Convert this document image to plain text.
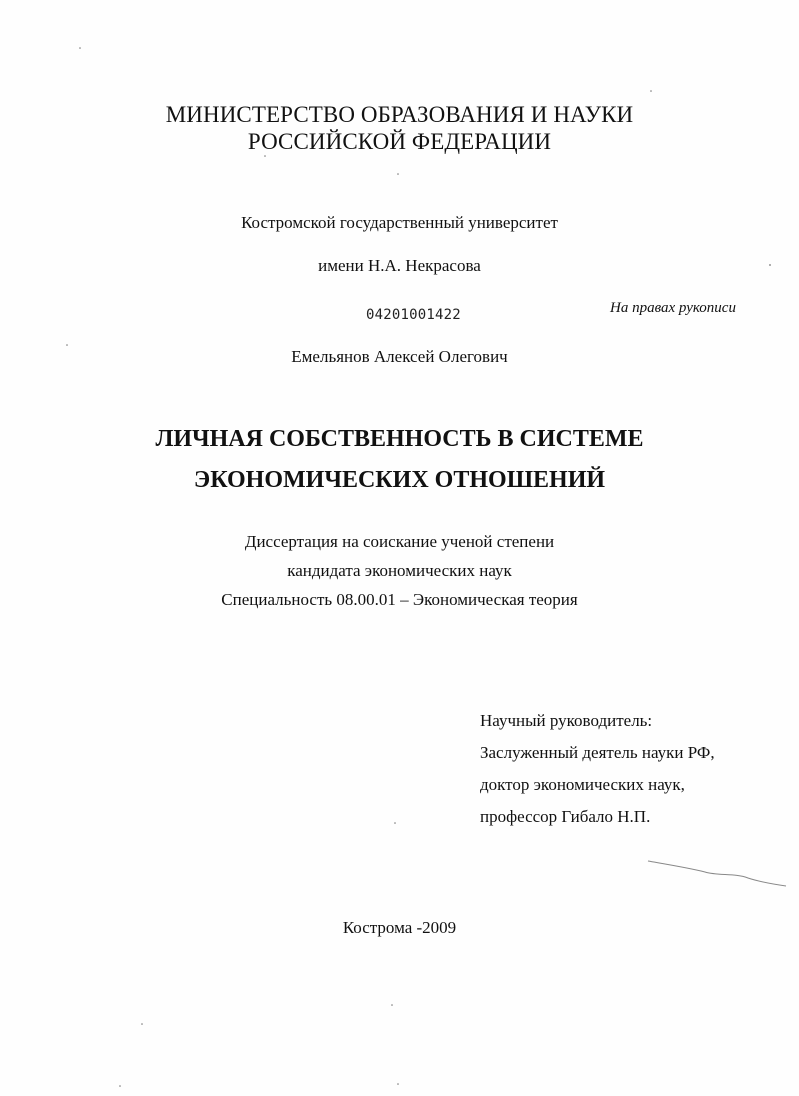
МИНИСТЕРСТВО ОБРАЗОВАНИЯ И НАУКИ
РОССИЙСКОЙ ФЕДЕРАЦИИ
Костромской государственный университет
имени Н.А. Некрасова
04201001422	На правах рукописи
Емельянов Алексей Олегович
ЛИЧНАЯ СОБСТВЕННОСТЬ В СИСТЕМЕ
ЭКОНОМИЧЕСКИХ ОТНОШЕНИЙ
Диссертация на соискание ученой степени
кандидата экономических наук
Специальность 08.00.01 – Экономическая теория
Научный руководитель:
Заслуженный деятель науки РФ,
доктор экономических наук,
профессор Гибало Н.П.
Кострома -2009
